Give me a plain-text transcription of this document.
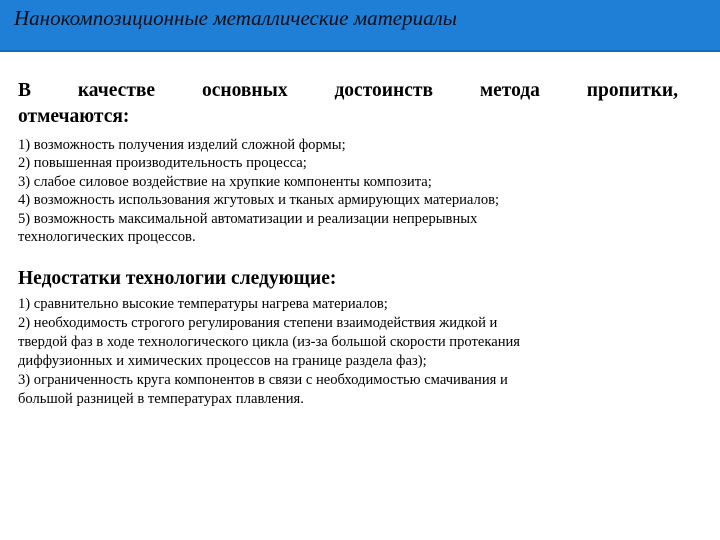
Нанокомпозиционные металлические материалы
В качестве основных достоинств метода пропитки,
отмечаются:
1) возможность получения изделий сложной формы;
2) повышенная производительность процесса;
3) слабое силовое воздействие на хрупкие компоненты композита;
4) возможность использования жгутовых и тканых армирующих материалов;
5) возможность максимальной автоматизации и реализации непрерывных
технологических процессов.
Недостатки технологии следующие:
1) сравнительно высокие температуры нагрева материалов;
2) необходимость строгого регулирования степени взаимодействия жидкой и
твердой фаз в ходе технологического цикла (из-за большой скорости протекания
диффузионных и химических процессов на границе раздела фаз);
3) ограниченность круга компонентов в связи с необходимостью смачивания и
большой разницей в температурах плавления.
